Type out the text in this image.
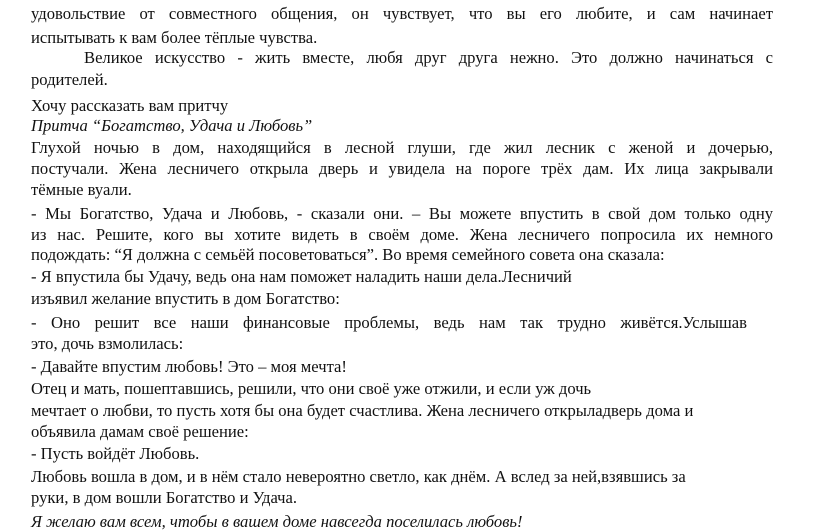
удовольствие от совместного общения, он чувствует, что вы его любите, и сам начинает
испытывать к вам более тёплые чувства.
Великое искусство - жить вместе, любя друг друга нежно. Это должно начинаться с
родителей.
Хочу рассказать вам притчу
Притча “Богатство, Удача и Любовь”
Глухой ночью в дом, находящийся в лесной глуши, где жил лесник с женой и дочерью,
постучали. Жена лесничего открыла дверь и увидела на пороге трёх дам. Их лица закрывали
тёмные вуали.
- Мы Богатство, Удача и Любовь, - сказали они. – Вы можете впустить в свой дом только одну
из нас. Решите, кого вы хотите видеть в своём доме. Жена лесничего попросила их немного
подождать: “Я должна с семьёй посоветоваться”. Во время семейного совета она сказала:
- Я впустила бы Удачу, ведь она нам поможет наладить наши дела.Лесничий
изъявил желание впустить в дом Богатство:
- Оно решит все наши финансовые проблемы, ведь нам так трудно живётся.Услышав
это, дочь взмолилась:
- Давайте впустим любовь! Это – моя мечта!
Отец и мать, пошептавшись, решили, что они своё уже отжили, и если уж дочь
мечтает о любви, то пусть хотя бы она будет счастлива. Жена лесничего открыладверь дома и
объявила дамам своё решение:
- Пусть войдёт Любовь.
Любовь вошла в дом, и в нём стало невероятно светло, как днём. А вслед за ней,взявшись за
руки, в дом вошли Богатство и Удача.
Я желаю вам всем, чтобы в вашем доме навсегда поселилась любовь!
